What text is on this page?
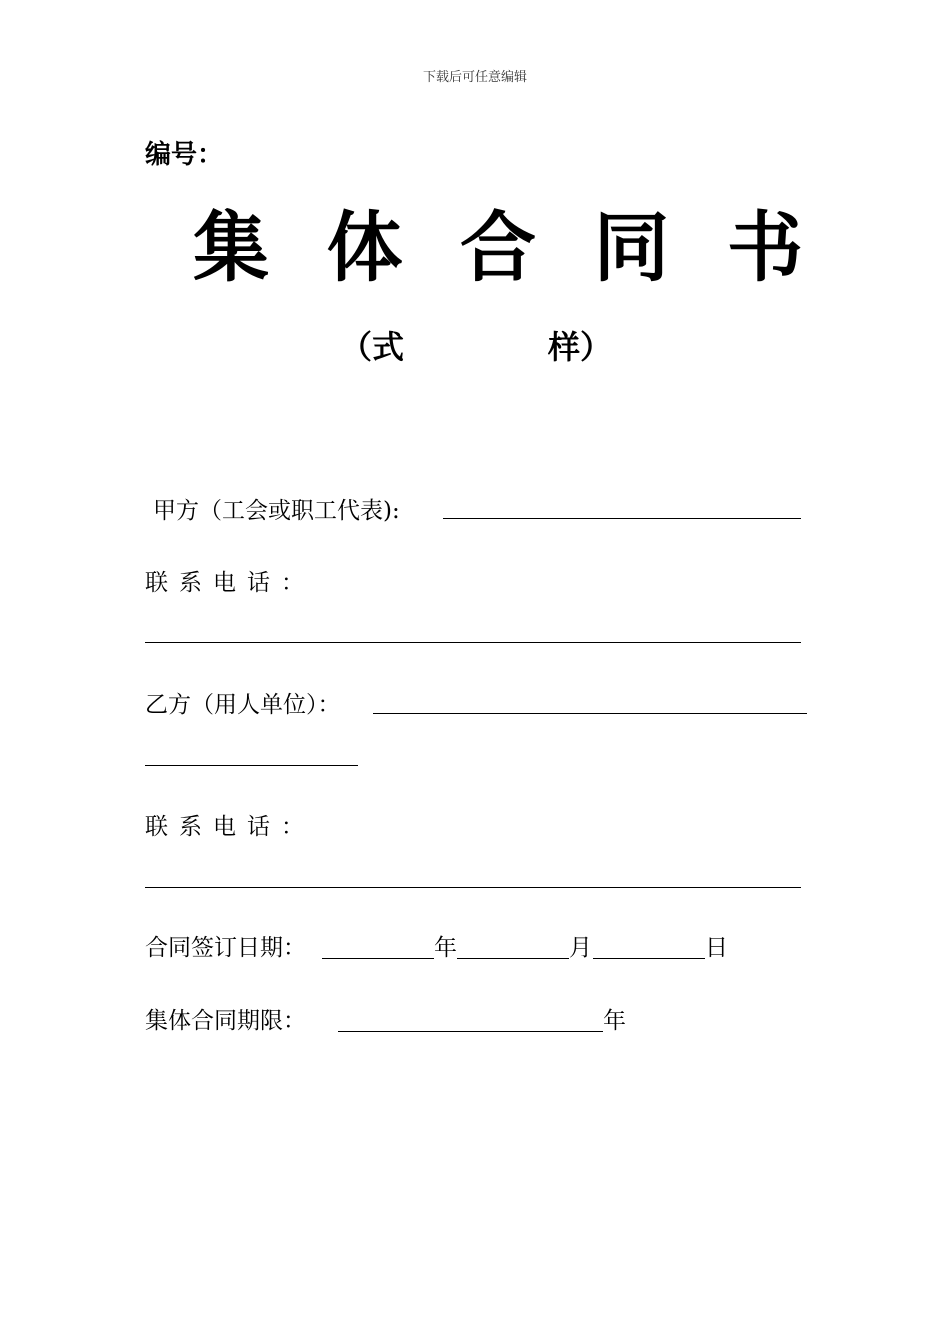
下载后可任意编辑
编号：
集 体 合 同 书
（式	样）
甲方（工会或职工代表):
联系电话：
乙方（用人单位）：
联系电话：
合同签订日期：	年	月	日
集体合同期限：	年
